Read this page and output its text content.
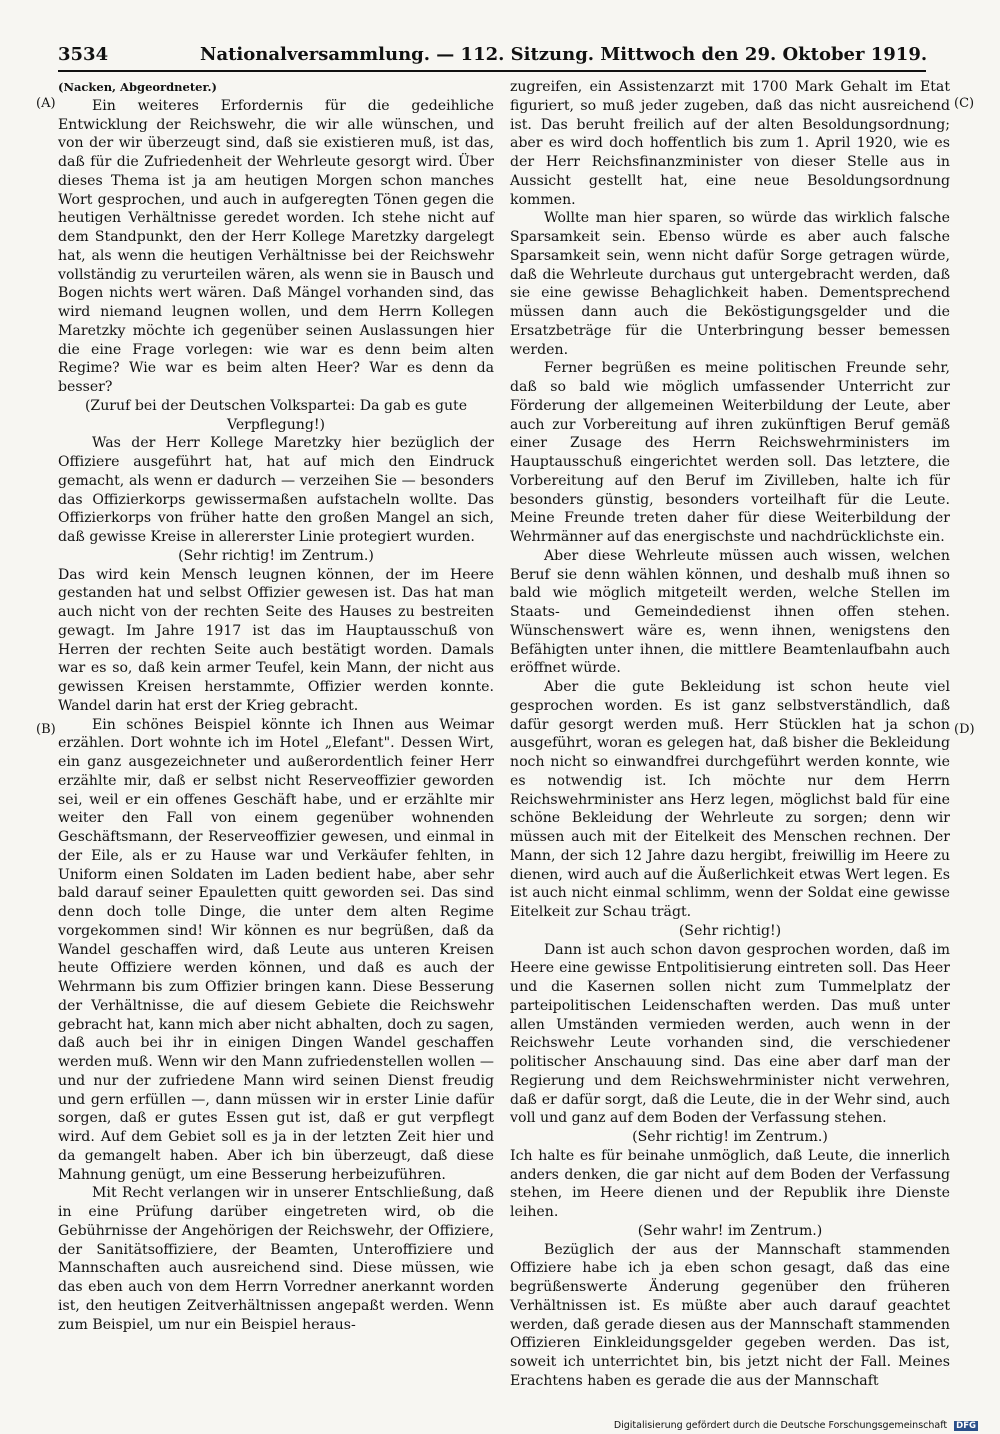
3534	Nationalversammlung. — 112. Sitzung. Mittwoch den 29. Oktober 1919.
(A)
(B)
(C)
(D)

(Nacken, Abgeordneter.)

Ein weiteres Erfordernis für die gedeihliche Entwicklung der Reichswehr, die wir alle wünschen, und von der wir überzeugt sind, daß sie existieren muß, ist das, daß für die Zufriedenheit der Wehrleute gesorgt wird. Über dieses Thema ist ja am heutigen Morgen schon manches Wort gesprochen, und auch in aufgeregten Tönen gegen die heutigen Verhältnisse geredet worden. Ich stehe nicht auf dem Standpunkt, den der Herr Kollege Maretzky dargelegt hat, als wenn die heutigen Verhältnisse bei der Reichswehr vollständig zu verurteilen wären, als wenn sie in Bausch und Bogen nichts wert wären. Daß Mängel vorhanden sind, das wird niemand leugnen wollen, und dem Herrn Kollegen Maretzky möchte ich gegenüber seinen Auslassungen hier die eine Frage vorlegen: wie war es denn beim alten Regime? Wie war es beim alten Heer? War es denn da besser?

(Zuruf bei der Deutschen Volkspartei: Da gab es gute Verpflegung!)

Was der Herr Kollege Maretzky hier bezüglich der Offiziere ausgeführt hat, hat auf mich den Eindruck gemacht, als wenn er dadurch — verzeihen Sie — besonders das Offizierkorps gewissermaßen aufstacheln wollte. Das Offizierkorps von früher hatte den großen Mangel an sich, daß gewisse Kreise in allererster Linie protegiert wurden.

(Sehr richtig! im Zentrum.)

Das wird kein Mensch leugnen können, der im Heere gestanden hat und selbst Offizier gewesen ist. Das hat man auch nicht von der rechten Seite des Hauses zu bestreiten gewagt. Im Jahre 1917 ist das im Hauptausschuß von Herren der rechten Seite auch bestätigt worden. Damals war es so, daß kein armer Teufel, kein Mann, der nicht aus gewissen Kreisen herstammte, Offizier werden konnte. Wandel darin hat erst der Krieg gebracht.

Ein schönes Beispiel könnte ich Ihnen aus Weimar erzählen. Dort wohnte ich im Hotel „Elefant". Dessen Wirt, ein ganz ausgezeichneter und außerordentlich feiner Herr erzählte mir, daß er selbst nicht Reserveoffizier geworden sei, weil er ein offenes Geschäft habe, und er erzählte mir weiter den Fall von einem gegenüber wohnenden Geschäftsmann, der Reserveoffizier gewesen, und einmal in der Eile, als er zu Hause war und Verkäufer fehlten, in Uniform einen Soldaten im Laden bedient habe, aber sehr bald darauf seiner Epauletten quitt geworden sei. Das sind denn doch tolle Dinge, die unter dem alten Regime vorgekommen sind! Wir können es nur begrüßen, daß da Wandel geschaffen wird, daß Leute aus unteren Kreisen heute Offiziere werden können, und daß es auch der Wehrmann bis zum Offizier bringen kann. Diese Besserung der Verhältnisse, die auf diesem Gebiete die Reichswehr gebracht hat, kann mich aber nicht abhalten, doch zu sagen, daß auch bei ihr in einigen Dingen Wandel geschaffen werden muß. Wenn wir den Mann zufriedenstellen wollen — und nur der zufriedene Mann wird seinen Dienst freudig und gern erfüllen —, dann müssen wir in erster Linie dafür sorgen, daß er gutes Essen gut ist, daß er gut verpflegt wird. Auf dem Gebiet soll es ja in der letzten Zeit hier und da gemangelt haben. Aber ich bin überzeugt, daß diese Mahnung genügt, um eine Besserung herbeizuführen.

Mit Recht verlangen wir in unserer Entschließung, daß in eine Prüfung darüber eingetreten wird, ob die Gebührnisse der Angehörigen der Reichswehr, der Offiziere, der Sanitätsoffiziere, der Beamten, Unteroffiziere und Mannschaften auch ausreichend sind. Diese müssen, wie das eben auch von dem Herrn Vorredner anerkannt worden ist, den heutigen Zeitverhältnissen angepaßt werden. Wenn zum Beispiel, um nur ein Beispiel heraus-

zugreifen, ein Assistenzarzt mit 1700 Mark Gehalt im Etat figuriert, so muß jeder zugeben, daß das nicht ausreichend ist. Das beruht freilich auf der alten Besoldungsordnung; aber es wird doch hoffentlich bis zum 1. April 1920, wie es der Herr Reichsfinanzminister von dieser Stelle aus in Aussicht gestellt hat, eine neue Besoldungsordnung kommen.

Wollte man hier sparen, so würde das wirklich falsche Sparsamkeit sein. Ebenso würde es aber auch falsche Sparsamkeit sein, wenn nicht dafür Sorge getragen würde, daß die Wehrleute durchaus gut untergebracht werden, daß sie eine gewisse Behaglichkeit haben. Dementsprechend müssen dann auch die Beköstigungsgelder und die Ersatzbeträge für die Unterbringung besser bemessen werden.

Ferner begrüßen es meine politischen Freunde sehr, daß so bald wie möglich umfassender Unterricht zur Förderung der allgemeinen Weiterbildung der Leute, aber auch zur Vorbereitung auf ihren zukünftigen Beruf gemäß einer Zusage des Herrn Reichswehrministers im Hauptausschuß eingerichtet werden soll. Das letztere, die Vorbereitung auf den Beruf im Zivilleben, halte ich für besonders günstig, besonders vorteilhaft für die Leute. Meine Freunde treten daher für diese Weiterbildung der Wehrmänner auf das energischste und nachdrücklichste ein.

Aber diese Wehrleute müssen auch wissen, welchen Beruf sie denn wählen können, und deshalb muß ihnen so bald wie möglich mitgeteilt werden, welche Stellen im Staats- und Gemeindedienst ihnen offen stehen. Wünschenswert wäre es, wenn ihnen, wenigstens den Befähigten unter ihnen, die mittlere Beamtenlaufbahn auch eröffnet würde.

Aber die gute Bekleidung ist schon heute viel gesprochen worden. Es ist ganz selbstverständlich, daß dafür gesorgt werden muß. Herr Stücklen hat ja schon ausgeführt, woran es gelegen hat, daß bisher die Bekleidung noch nicht so einwandfrei durchgeführt werden konnte, wie es notwendig ist. Ich möchte nur dem Herrn Reichswehrminister ans Herz legen, möglichst bald für eine schöne Bekleidung der Wehrleute zu sorgen; denn wir müssen auch mit der Eitelkeit des Menschen rechnen. Der Mann, der sich 12 Jahre dazu hergibt, freiwillig im Heere zu dienen, wird auch auf die Äußerlichkeit etwas Wert legen. Es ist auch nicht einmal schlimm, wenn der Soldat eine gewisse Eitelkeit zur Schau trägt.

(Sehr richtig!)

Dann ist auch schon davon gesprochen worden, daß im Heere eine gewisse Entpolitisierung eintreten soll. Das Heer und die Kasernen sollen nicht zum Tummelplatz der parteipolitischen Leidenschaften werden. Das muß unter allen Umständen vermieden werden, auch wenn in der Reichswehr Leute vorhanden sind, die verschiedener politischer Anschauung sind. Das eine aber darf man der Regierung und dem Reichswehrminister nicht verwehren, daß er dafür sorgt, daß die Leute, die in der Wehr sind, auch voll und ganz auf dem Boden der Verfassung stehen.

(Sehr richtig! im Zentrum.)

Ich halte es für beinahe unmöglich, daß Leute, die innerlich anders denken, die gar nicht auf dem Boden der Verfassung stehen, im Heere dienen und der Republik ihre Dienste leihen.

(Sehr wahr! im Zentrum.)

Bezüglich der aus der Mannschaft stammenden Offiziere habe ich ja eben schon gesagt, daß das eine begrüßenswerte Änderung gegenüber den früheren Verhältnissen ist. Es müßte aber auch darauf geachtet werden, daß gerade diesen aus der Mannschaft stammenden Offizieren Einkleidungsgelder gegeben werden. Das ist, soweit ich unterrichtet bin, bis jetzt nicht der Fall. Meines Erachtens haben es gerade die aus der Mannschaft

Digitalisierung gefördert durch die Deutsche Forschungsgemeinschaft DFG
